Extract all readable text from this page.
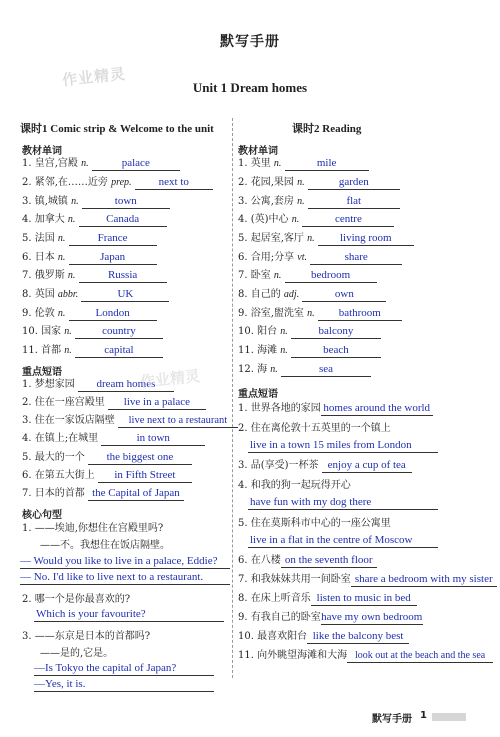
默写手册
作业精灵	Unit 1 Dream homes
课时1 Comic strip & Welcome to the unit
教材单词
1. 皇宫,宫殿 n.	palace
2. 紧邻,在……近旁 prep. next to
3. 镇,城镇 n.	town
4. 加拿大 n.	Canada
5. 法国 n.	France
6. 日本 n.	Japan
7. 俄罗斯 n.	Russia
8. 英国 abbr.	UK
9. 伦敦 n.	London
10. 国家 n.	country
11. 首都 n.	capital
重点短语
1. 梦想家园 dream homes
2. 住在一座宫殿里 live in a palace
3. 住在一家饭店隔壁 live next to a restaurant
4. 在镇上;在城里	in town
5. 最大的一个 the biggest one
6. 在第五大街上 in Fifth Street
7. 日本的首都 the Capital of Japan
核心句型
1. ——埃迪,你想住在宫殿里吗?
——不。我想住在饭店隔壁。
— Would you like to live in a palace, Eddie?
— No. I'd like to live next to a restaurant.
2. 哪一个是你最喜欢的?
Which is your favourite?
3. ——东京是日本的首都吗?
——是的,它是。
—Is Tokyo the capital of Japan?
—Yes, it is.
作业精灵
课时2 Reading
教材单词
1. 英里 n.	mile
2. 花园,果园 n.	garden
3. 公寓,套房 n.	flat
4. (英)中心 n.	centre
5. 起居室,客厅 n. living room
6. 合用;分享 vt.	share
7. 卧室 n.	bedroom
8. 自己的 adj.	own
9. 浴室,盥洗室 n. bathroom
10. 阳台 n.	balcony
11. 海滩 n.	beach
12. 海 n.	sea
重点短语
1. 世界各地的家园 homes around the world
2. 住在离伦敦十五英里的一个镇上
live in a town 15 miles from London
3. 品(享受)一杯茶 enjoy a cup of tea
4. 和我的狗一起玩得开心
have fun with my dog there
5. 住在莫斯科市中心的一座公寓里
live in a flat in the centre of Moscow
6. 在八楼 on the seventh floor
7. 和我妹妹共用一间卧室 share a bedroom with my sister
8. 在床上听音乐 listen to music in bed
9. 有我自己的卧室have my own bedroom
10. 最喜欢阳台 like the balcony best
11. 向外眺望海滩和大海 look out at the beach and the sea
默写手册 1
